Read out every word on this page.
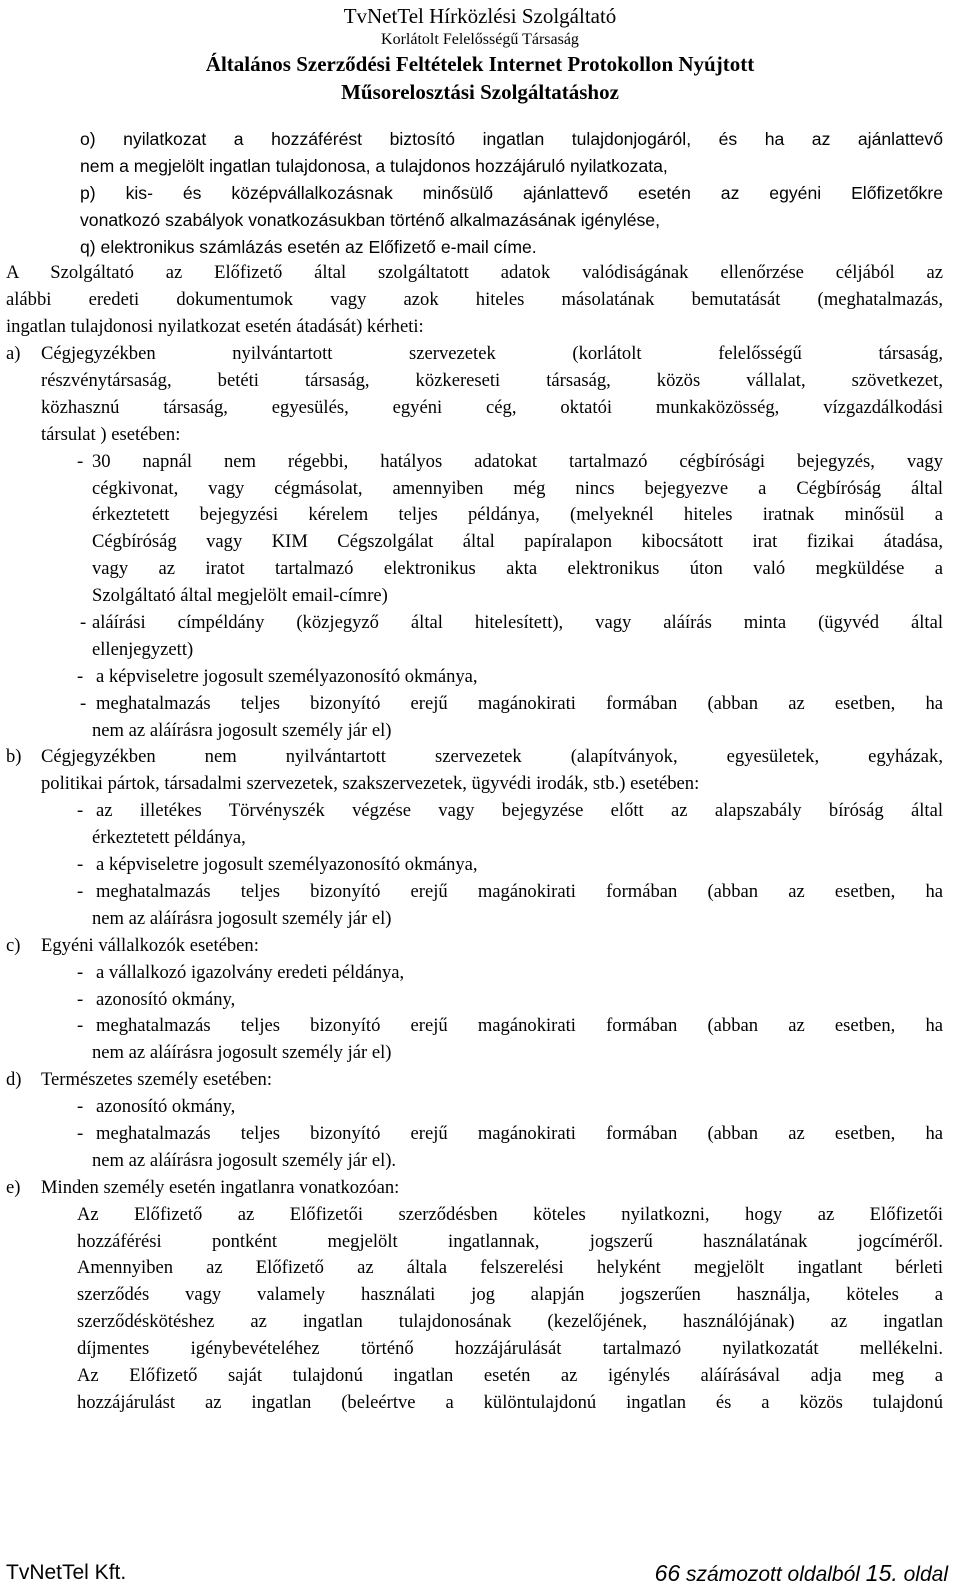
TvNetTel Hírközlési Szolgáltató
Korlátolt Felelősségű Társaság
Általános Szerződési Feltételek Internet Protokollon Nyújtott
Műsorelosztási Szolgáltatáshoz
o) nyilatkozat a hozzáférést biztosító ingatlan tulajdonjogáról, és ha az ajánlattevő
nem a megjelölt ingatlan tulajdonosa, a tulajdonos hozzájáruló nyilatkozata,
p) kis- és középvállalkozásnak minősülő ajánlattevő esetén az egyéni Előfizetőkre
vonatkozó szabályok vonatkozásukban történő alkalmazásának igénylése,
q) elektronikus számlázás esetén az Előfizető e-mail címe.
A Szolgáltató az Előfizető által szolgáltatott adatok valódiságának ellenőrzése céljából az
alábbi eredeti dokumentumok vagy azok hiteles másolatának bemutatását (meghatalmazás,
ingatlan tulajdonosi nyilatkozat esetén átadását) kérheti:
a) Cégjegyzékben nyilvántartott szervezetek (korlátolt felelősségű társaság,
részvénytársaság, betéti társaság, közkereseti társaság, közös vállalat, szövetkezet,
közhasznú társaság, egyesülés, egyéni cég, oktatói munkaközösség, vízgazdálkodási
társulat ) esetében:
- 30 napnál nem régebbi, hatályos adatokat tartalmazó cégbírósági bejegyzés, vagy
cégkivonat, vagy cégmásolat, amennyiben még nincs bejegyezve a Cégbíróság által
érkeztetett bejegyzési kérelem teljes példánya, (melyeknél hiteles iratnak minősül a
Cégbíróság vagy KIM Cégszolgálat által papíralapon kibocsátott irat fizikai átadása,
vagy az iratot tartalmazó elektronikus akta elektronikus úton való megküldése a
Szolgáltató által megjelölt email-címre)
- aláírási címpéldány (közjegyző által hitelesített), vagy aláírás minta (ügyvéd által
ellenjegyzett)
- a képviseletre jogosult személyazonosító okmánya,
- meghatalmazás teljes bizonyító erejű magánokirati formában (abban az esetben, ha
nem az aláírásra jogosult személy jár el)
b) Cégjegyzékben nem nyilvántartott szervezetek (alapítványok, egyesületek, egyházak,
politikai pártok, társadalmi szervezetek, szakszervezetek, ügyvédi irodák, stb.) esetében:
- az illetékes Törvényszék végzése vagy bejegyzése előtt az alapszabály bíróság által
érkeztetett példánya,
- a képviseletre jogosult személyazonosító okmánya,
- meghatalmazás teljes bizonyító erejű magánokirati formában (abban az esetben, ha
nem az aláírásra jogosult személy jár el)
c) Egyéni vállalkozók esetében:
- a vállalkozó igazolvány eredeti példánya,
- azonosító okmány,
- meghatalmazás teljes bizonyító erejű magánokirati formában (abban az esetben, ha
nem az aláírásra jogosult személy jár el)
d) Természetes személy esetében:
- azonosító okmány,
- meghatalmazás teljes bizonyító erejű magánokirati formában (abban az esetben, ha
nem az aláírásra jogosult személy jár el).
e) Minden személy esetén ingatlanra vonatkozóan:
Az Előfizető az Előfizetői szerződésben köteles nyilatkozni, hogy az Előfizetői
hozzáférési pontként megjelölt ingatlannak, jogszerű használatának jogcíméről.
Amennyiben az Előfizető az általa felszerelési helyként megjelölt ingatlant bérleti
szerződés vagy valamely használati jog alapján jogszerűen használja, köteles a
szerződéskötéshez az ingatlan tulajdonosának (kezelőjének, használójának) az ingatlan
díjmentes igénybevételéhez történő hozzájárulását tartalmazó nyilatkozatát mellékelni.
Az Előfizető saját tulajdonú ingatlan esetén az igénylés aláírásával adja meg a
hozzájárulást az ingatlan (beleértve a különtulajdonú ingatlan és a közös tulajdonú
TvNetTel Kft.	66 számozott oldalból 15. oldal
